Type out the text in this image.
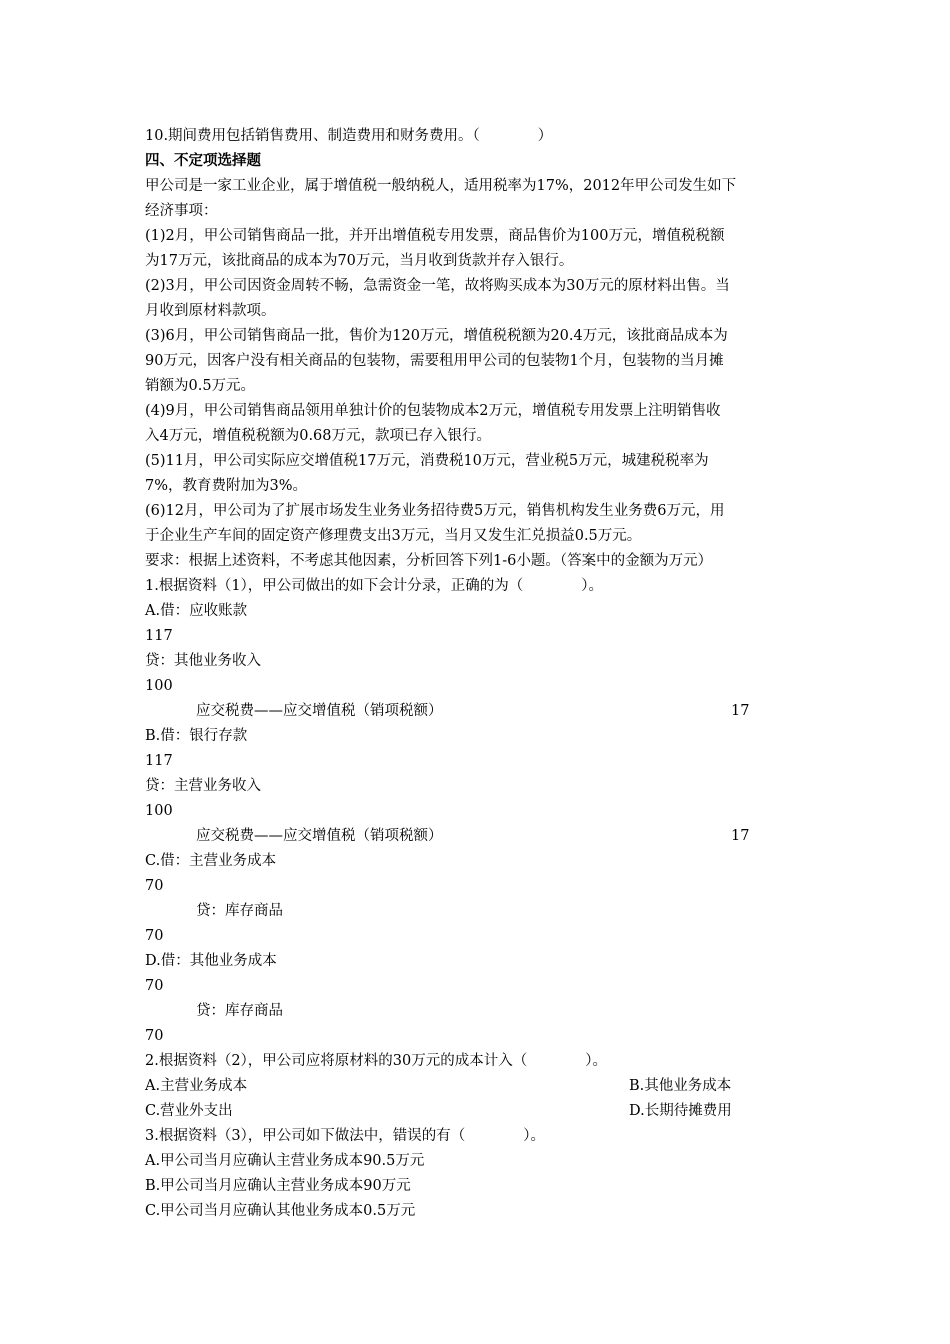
10.期间费用包括销售费用、制造费用和财务费用。（　　　　）
四、不定项选择题
甲公司是一家工业企业，属于增值税一般纳税人，适用税率为17%，2012年甲公司发生如下
经济事项：
(1)2月，甲公司销售商品一批，并开出增值税专用发票，商品售价为100万元，增值税税额
为17万元，该批商品的成本为70万元，当月收到货款并存入银行。
(2)3月，甲公司因资金周转不畅，急需资金一笔，故将购买成本为30万元的原材料出售。当
月收到原材料款项。
(3)6月，甲公司销售商品一批，售价为120万元，增值税税额为20.4万元，该批商品成本为
90万元，因客户没有相关商品的包装物，需要租用甲公司的包装物1个月，包装物的当月摊
销额为0.5万元。
(4)9月，甲公司销售商品领用单独计价的包装物成本2万元，增值税专用发票上注明销售收
入4万元，增值税税额为0.68万元，款项已存入银行。
(5)11月，甲公司实际应交增值税17万元，消费税10万元，营业税5万元，城建税税率为
7%，教育费附加为3%。
(6)12月，甲公司为了扩展市场发生业务业务招待费5万元，销售机构发生业务费6万元，用
于企业生产车间的固定资产修理费支出3万元，当月又发生汇兑损益0.5万元。
要求：根据上述资料，不考虑其他因素，分析回答下列1-6小题。（答案中的金额为万元）
1.根据资料（1），甲公司做出的如下会计分录，正确的为（　　　　）。
A.借：应收账款
117
贷：其他业务收入
100
应交税费——应交增值税（销项税额）	17
B.借：银行存款
117
贷：主营业务收入
100
应交税费——应交增值税（销项税额）	17
C.借：主营业务成本
70
贷：库存商品
70
D.借：其他业务成本
70
贷：库存商品
70
2.根据资料（2），甲公司应将原材料的30万元的成本计入（　　　　）。
A.主营业务成本	B.其他业务成本
C.营业外支出	D.长期待摊费用
3.根据资料（3），甲公司如下做法中，错误的有（　　　　）。
A.甲公司当月应确认主营业务成本90.5万元
B.甲公司当月应确认主营业务成本90万元
C.甲公司当月应确认其他业务成本0.5万元
